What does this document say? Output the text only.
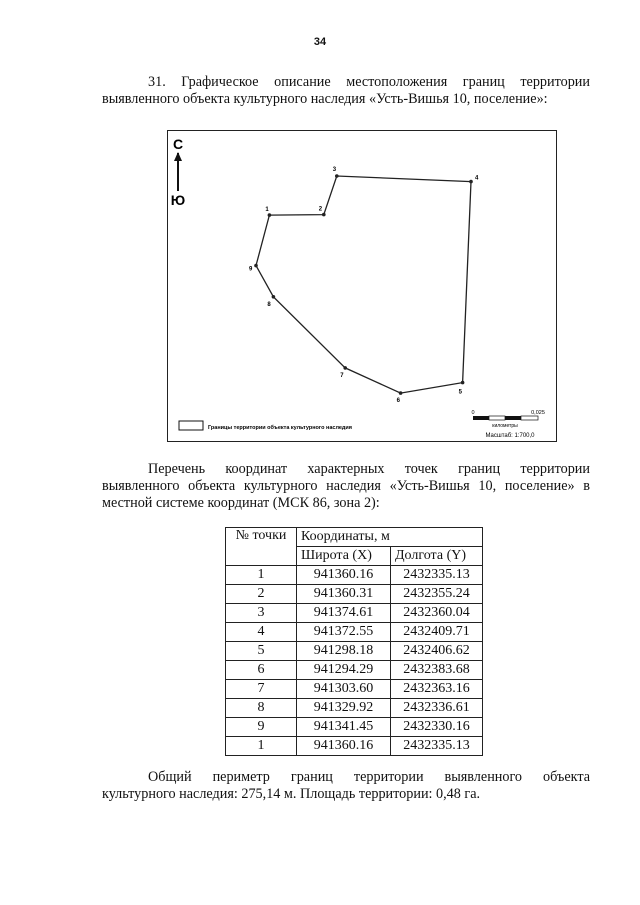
34
31. Графическое описание местоположения границ территории
выявленного объекта культурного наследия «Усть-Вишья 10, поселение»:
С
Ю
1	2
3
4
5
6
7
8
9
Границы территории объекта культурного наследия
0	0,025
километры
Масштаб: 1:700,0
Перечень координат характерных точек границ территории
выявленного объекта культурного наследия «Усть-Вишья 10, поселение» в
местной системе координат (МСК 86, зона 2):
№ точки	Координаты, м	
	Широта (X)	Долгота (Y)
1	941360.16	2432335.13
2	941360.31	2432355.24
3	941374.61	2432360.04
4	941372.55	2432409.71
5	941298.18	2432406.62
6	941294.29	2432383.68
7	941303.60	2432363.16
8	941329.92	2432336.61
9	941341.45	2432330.16
1	941360.16	2432335.13
Общий периметр границ территории выявленного объекта
культурного наследия: 275,14 м. Площадь территории: 0,48 га.
